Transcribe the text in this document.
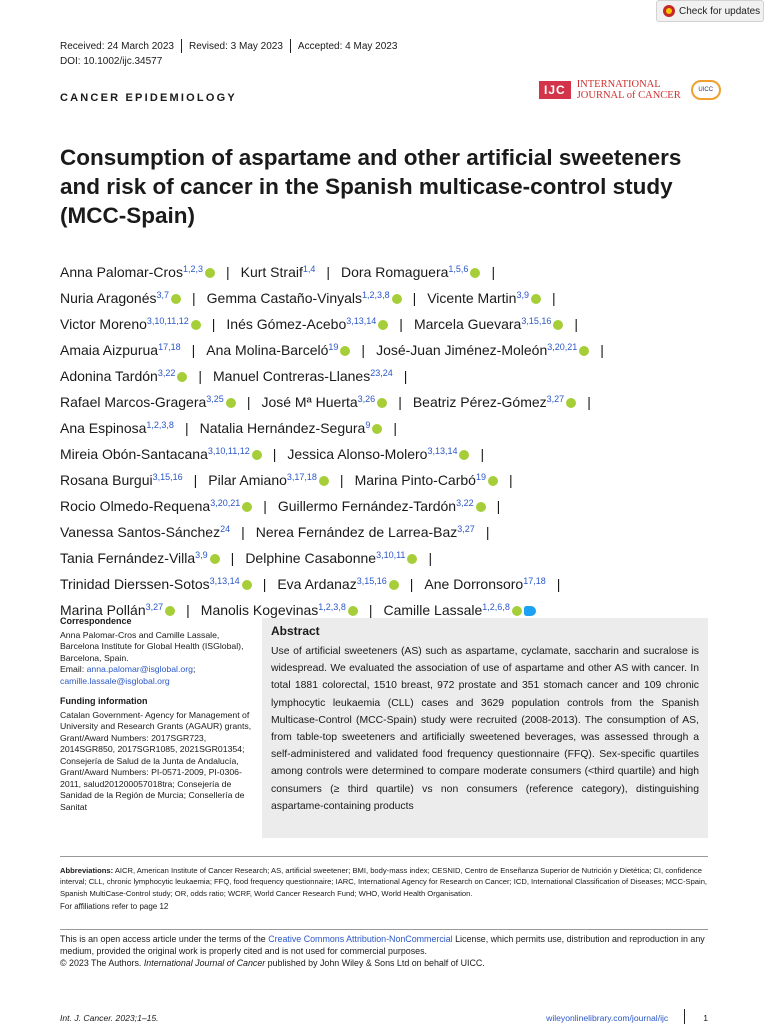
Check for updates
Received: 24 March 2023 Revised: 3 May 2023 Accepted: 4 May 2023
DOI: 10.1002/ijc.34577
CANCER EPIDEMIOLOGY
IJC	INTERNATIONAL
JOURNAL of CANCER	UICC
Consumption of aspartame and other artificial sweeteners and risk of cancer in the Spanish multicase-control study (MCC-Spain)
Anna Palomar-Cros$^{1,2,3}$ | Kurt Straif$^{1,4}$ | Dora Romaguera$^{1,5,6}$ |
Nuria Aragonés$^{3,7}$ | Gemma Castaño-Vinyals$^{1,2,3,8}$ | Vicente Martin$^{3,9}$ |
Victor Moreno$^{3,10,11,12}$ | Inés Gómez-Acebo$^{3,13,14}$ | Marcela Guevara$^{3,15,16}$ |
Amaia Aizpurua$^{17,18}$ | Ana Molina-Barceló$^{19}$ | José-Juan Jiménez-Moleón$^{3,20,21}$ |
Adonina Tardón$^{3,22}$ | Manuel Contreras-Llanes$^{23,24}$ |
Rafael Marcos-Gragera$^{3,25}$ | José Mª Huerta$^{3,26}$ | Beatriz Pérez-Gómez$^{3,27}$ |
Ana Espinosa$^{1,2,3,8}$ | Natalia Hernández-Segura$^9$ |
Mireia Obón-Santacana$^{3,10,11,12}$ | Jessica Alonso-Molero$^{3,13,14}$ |
Rosana Burgui$^{3,15,16}$ | Pilar Amiano$^{3,17,18}$ | Marina Pinto-Carbó$^{19}$ |
Rocio Olmedo-Requena$^{3,20,21}$ | Guillermo Fernández-Tardón$^{3,22}$ |
Vanessa Santos-Sánchez$^{24}$ | Nerea Fernández de Larrea-Baz$^{3,27}$ |
Tania Fernández-Villa$^{3,9}$ | Delphine Casabonne$^{3,10,11}$ |
Trinidad Dierssen-Sotos$^{3,13,14}$ | Eva Ardanaz$^{3,15,16}$ | Ane Dorronsoro$^{17,18}$ |
Marina Pollán$^{3,27}$ | Manolis Kogevinas$^{1,2,3,8}$ | Camille Lassale$^{1,2,6,8}$
Correspondence
Anna Palomar-Cros and Camille Lassale, Barcelona Institute for Global Health (ISGlobal), Barcelona, Spain.
Email: anna.palomar@isglobal.org; camille.lassale@isglobal.org
Funding information
Catalan Government- Agency for Management of University and Research Grants (AGAUR) grants, Grant/Award Numbers: 2017SGR723, 2014SGR850, 2017SGR1085, 2021SGR01354; Consejería de Salud de la Junta de Andalucía, Grant/Award Numbers: PI-0571-2009, PI-0306-2011, salud201200057018tra; Consejería de Sanidad de la Región de Murcia; Consellería de Sanitat
Abstract

Use of artificial sweeteners (AS) such as aspartame, cyclamate, saccharin and sucralose is widespread. We evaluated the association of use of aspartame and other AS with cancer. In total 1881 colorectal, 1510 breast, 972 prostate and 351 stomach cancer and 109 chronic lymphocytic leukaemia (CLL) cases and 3629 population controls from the Spanish Multicase-Control (MCC-Spain) study were recruited (2008-2013). The consumption of AS, from table-top sweeteners and artificially sweetened beverages, was assessed through a self-administered and validated food frequency questionnaire (FFQ). Sex-specific quartiles among controls were determined to compare moderate consumers (<third quartile) and high consumers (≥ third quartile) vs non consumers (reference category), distinguishing aspartame-containing products

Abbreviations: AICR, American Institute of Cancer Research; AS, artificial sweetener; BMI, body-mass index; CESNID, Centro de Enseñanza Superior de Nutrición y Dietética; CI, confidence interval; CLL, chronic lymphocytic leukaemia; FFQ, food frequency questionnaire; IARC, International Agency for Research on Cancer; ICD, International Classification of Diseases; MCC-Spain, Spanish MultiCase-Control study; OR, odds ratio; WCRF, World Cancer Research Fund; WHO, World Health Organisation.
For affiliations refer to page 12
This is an open access article under the terms of the Creative Commons Attribution-NonCommercial License, which permits use, distribution and reproduction in any medium, provided the original work is properly cited and is not used for commercial purposes.
© 2023 The Authors. International Journal of Cancer published by John Wiley & Sons Ltd on behalf of UICC.
Int. J. Cancer. 2023;1–15.	wileyonlinelibrary.com/journal/ijc	1
